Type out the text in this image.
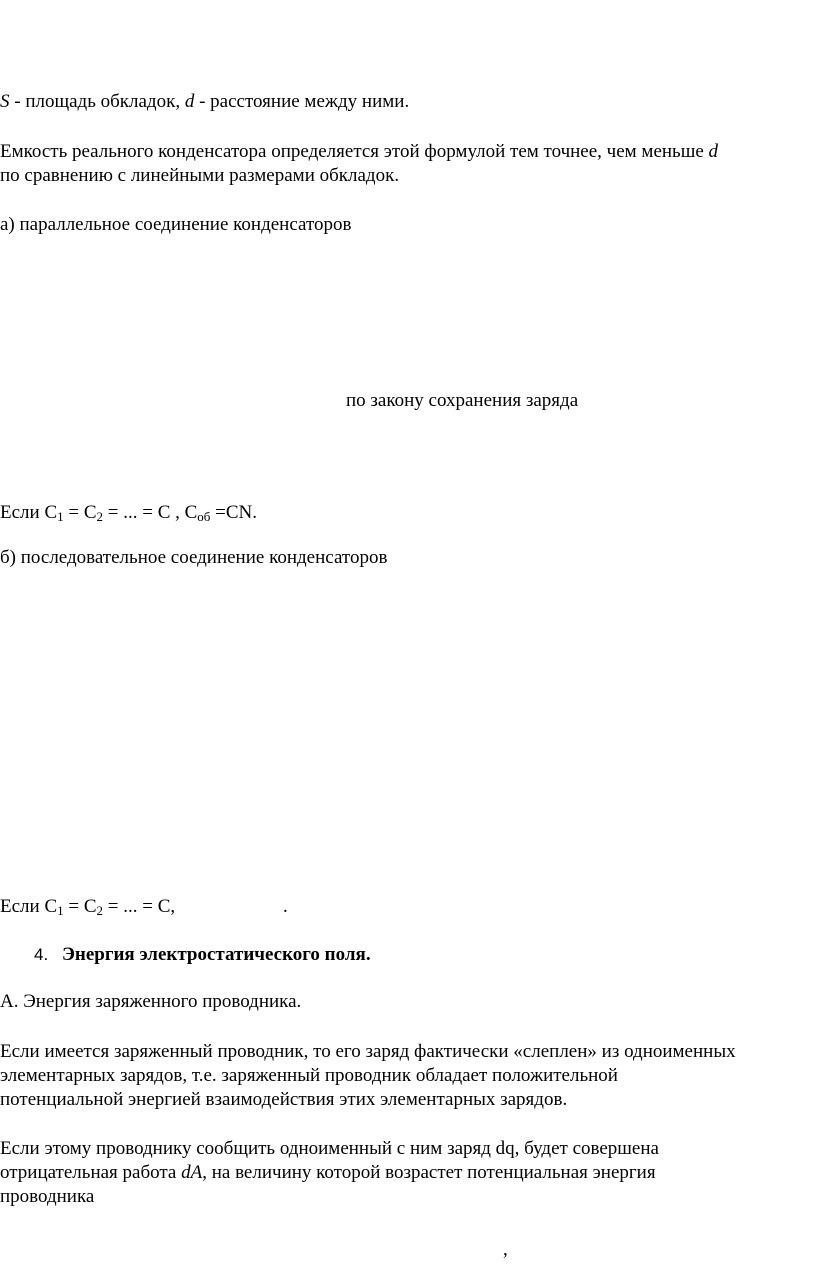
S - площадь обкладок, d - расстояние между ними.
Емкость реального конденсатора определяется этой формулой тем точнее, чем меньше d
по сравнению с линейными размерами обкладок.
а) параллельное соединение конденсаторов
по закону сохранения заряда
Если $С_1 = С_2$ = ... = С , $С_{об} =CN$.
б) последовательное соединение конденсаторов
Если $С_1 = С_2$ = ... = С,	.
4. Энергия электростатического поля.
А. Энергия заряженного проводника.
Если имеется заряженный проводник, то его заряд фактически «слеплен» из одноименных
элементарных зарядов, т.е. заряженный проводник обладает положительной
потенциальной энергией взаимодействия этих элементарных зарядов.
Если этому проводнику сообщить одноименный с ним заряд dq, будет совершена
отрицательная работа dA, на величину которой возрастет потенциальная энергия
проводника
,
